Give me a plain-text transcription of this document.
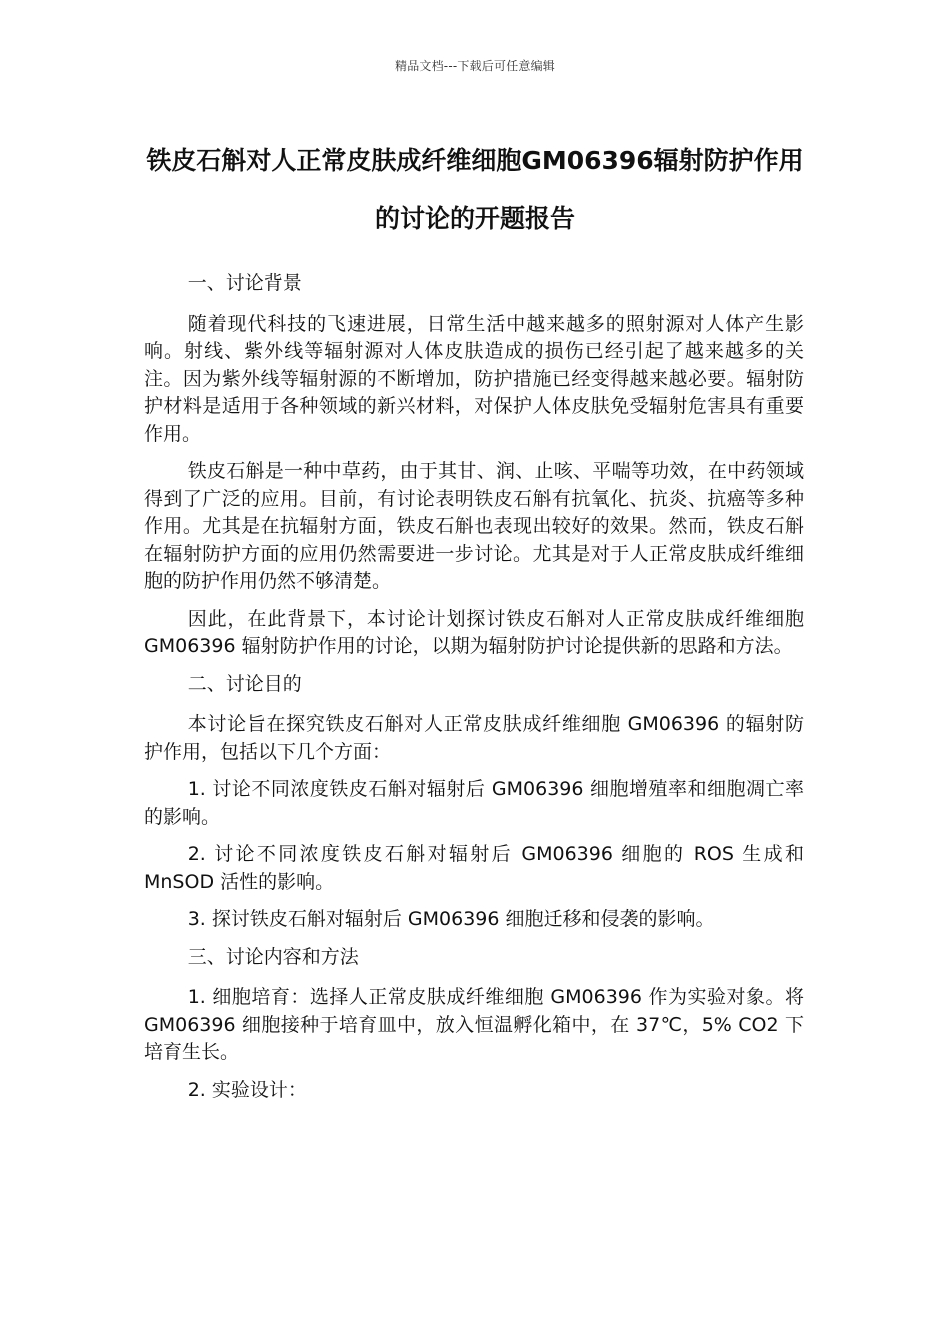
精品文档---下载后可任意编辑
铁皮石斛对人正常皮肤成纤维细胞GM06396辐射防护作用的讨论的开题报告

一、讨论背景

随着现代科技的飞速进展，日常生活中越来越多的照射源对人体产生影响。射线、紫外线等辐射源对人体皮肤造成的损伤已经引起了越来越多的关注。因为紫外线等辐射源的不断增加，防护措施已经变得越来越必要。辐射防护材料是适用于各种领域的新兴材料，对保护人体皮肤免受辐射危害具有重要作用。

铁皮石斛是一种中草药，由于其甘、润、止咳、平喘等功效，在中药领域得到了广泛的应用。目前，有讨论表明铁皮石斛有抗氧化、抗炎、抗癌等多种作用。尤其是在抗辐射方面，铁皮石斛也表现出较好的效果。然而，铁皮石斛在辐射防护方面的应用仍然需要进一步讨论。尤其是对于人正常皮肤成纤维细胞的防护作用仍然不够清楚。

因此，在此背景下，本讨论计划探讨铁皮石斛对人正常皮肤成纤维细胞 GM06396 辐射防护作用的讨论，以期为辐射防护讨论提供新的思路和方法。

二、讨论目的

本讨论旨在探究铁皮石斛对人正常皮肤成纤维细胞 GM06396 的辐射防护作用，包括以下几个方面：

1. 讨论不同浓度铁皮石斛对辐射后 GM06396 细胞增殖率和细胞凋亡率的影响。

2. 讨论不同浓度铁皮石斛对辐射后 GM06396 细胞的 ROS 生成和 MnSOD 活性的影响。

3. 探讨铁皮石斛对辐射后 GM06396 细胞迁移和侵袭的影响。

三、讨论内容和方法

1. 细胞培育：选择人正常皮肤成纤维细胞 GM06396 作为实验对象。将 GM06396 细胞接种于培育皿中，放入恒温孵化箱中，在 37℃，5% CO2 下培育生长。

2. 实验设计：
